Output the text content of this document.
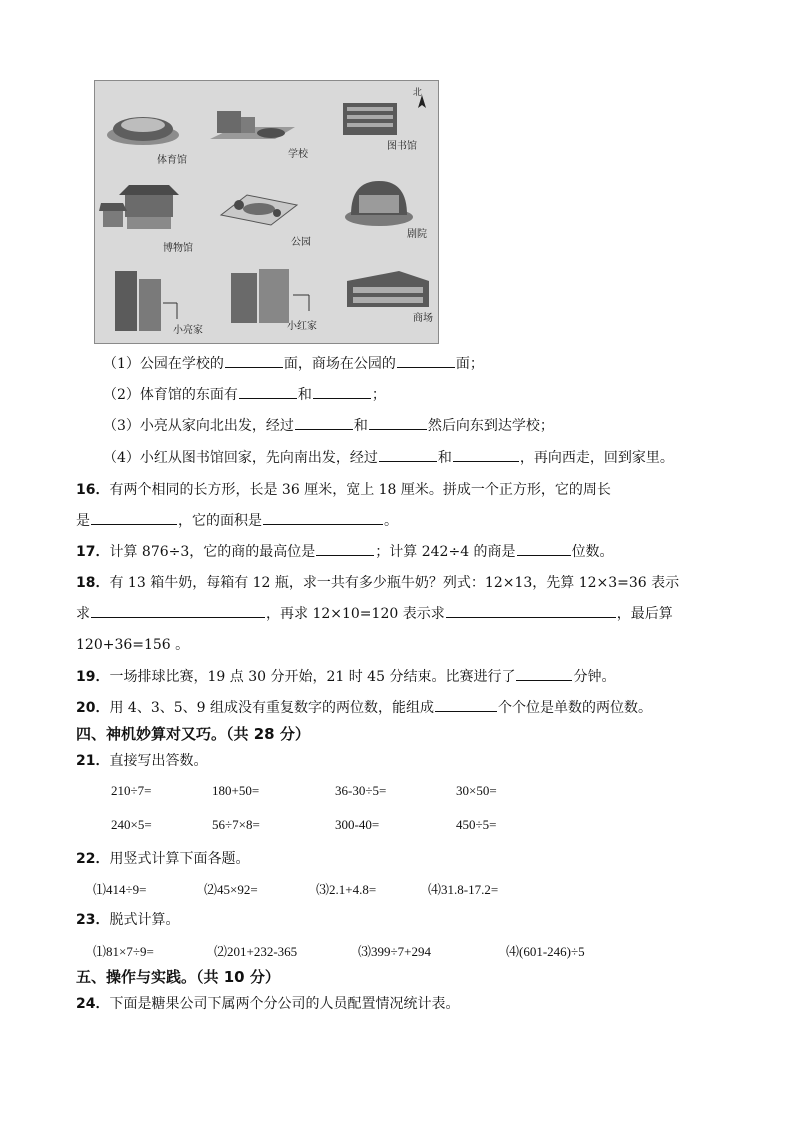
北
体育馆
学校
图书馆
博物馆
公园
剧院
小亮家	小红家
商场
（1）公园在学校的	面，商场在公园的	面；
（2）体育馆的东面有	和	；
（3）小亮从家向北出发，经过	和	然后向东到达学校；
（4）小红从图书馆回家，先向南出发，经过	和	，再向西走，回到家里。
16．有两个相同的长方形，长是 36 厘米，宽上 18 厘米。拼成一个正方形，它的周长
是	，它的面积是	。
17．计算 876÷3，它的商的最高位是	；计算 242÷4 的商是	位数。
18．有 13 箱牛奶，每箱有 12 瓶，求一共有多少瓶牛奶？列式：12×13，先算 12×3=36 表示
求	，再求 12×10=120 表示求	，最后算
120+36=156 。
19．一场排球比赛，19 点 30 分开始，21 时 45 分结束。比赛进行了	分钟。
20．用 4、3、5、9 组成没有重复数字的两位数，能组成	个个位是单数的两位数。
四、神机妙算对又巧。（共 28 分）
21．直接写出答数。
210÷7=	180+50=	36-30÷5=	30×50=
240×5=	56÷7×8=	300-40=	450÷5=
22．用竖式计算下面各题。
⑴414÷9=	⑵45×92=	⑶2.1+4.8=	⑷31.8-17.2=
23．脱式计算。
⑴81×7÷9=	⑵201+232-365	⑶399÷7+294	⑷(601-246)÷5
五、操作与实践。（共 10 分）
24．下面是糖果公司下属两个分公司的人员配置情况统计表。
